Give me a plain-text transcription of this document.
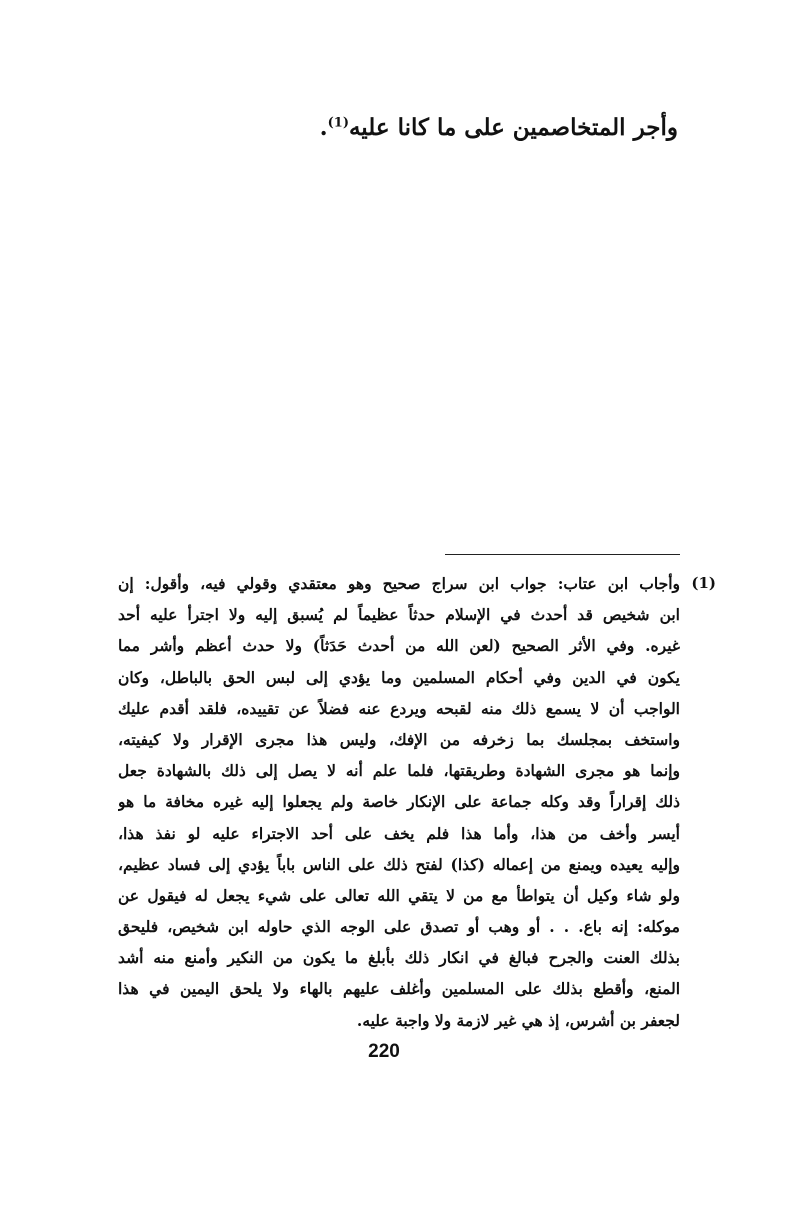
وأجر المتخاصمين على ما كانا عليه$^{(1)}$.
(1)
وأجاب ابن عتاب: جواب ابن سراج صحيح وهو معتقدي وقولي فيه، وأقول: إن
ابن شخيص قد أحدث في الإسلام حدثاً عظيماً لم يُسبق إليه ولا اجترأ عليه أحد
غيره. وفي الأثر الصحيح (لعن الله من أحدث حَدَثاً) ولا حدث أعظم وأشر مما
يكون في الدين وفي أحكام المسلمين وما يؤدي إلى لبس الحق بالباطل، وكان
الواجب أن لا يسمع ذلك منه لقبحه ويردع عنه فضلاً عن تقييده، فلقد أقدم عليك
واستخف بمجلسك بما زخرفه من الإفك، وليس هذا مجرى الإقرار ولا كيفيته،
وإنما هو مجرى الشهادة وطريقتها، فلما علم أنه لا يصل إلى ذلك بالشهادة جعل
ذلك إقراراً وقد وكله جماعة على الإنكار خاصة ولم يجعلوا إليه غيره مخافة ما هو
أيسر وأخف من هذا، وأما هذا فلم يخف على أحد الاجتراء عليه لو نفذ هذا،
وإليه يعيده ويمنع من إعماله (كذا) لفتح ذلك على الناس باباً يؤدي إلى فساد عظيم،
ولو شاء وكيل أن يتواطأ مع من لا يتقي الله تعالى على شيء يجعل له فيقول عن
موكله: إنه باع. . . أو وهب أو تصدق على الوجه الذي حاوله ابن شخيص، فليحق
بذلك العنت والجرح فبالغ في انكار ذلك بأبلغ ما يكون من النكير وأمنع منه أشد
المنع، وأقطع بذلك على المسلمين وأغلف عليهم بالهاء ولا يلحق اليمين في هذا
لجعفر بن أشرس، إذ هي غير لازمة ولا واجبة عليه.
220
